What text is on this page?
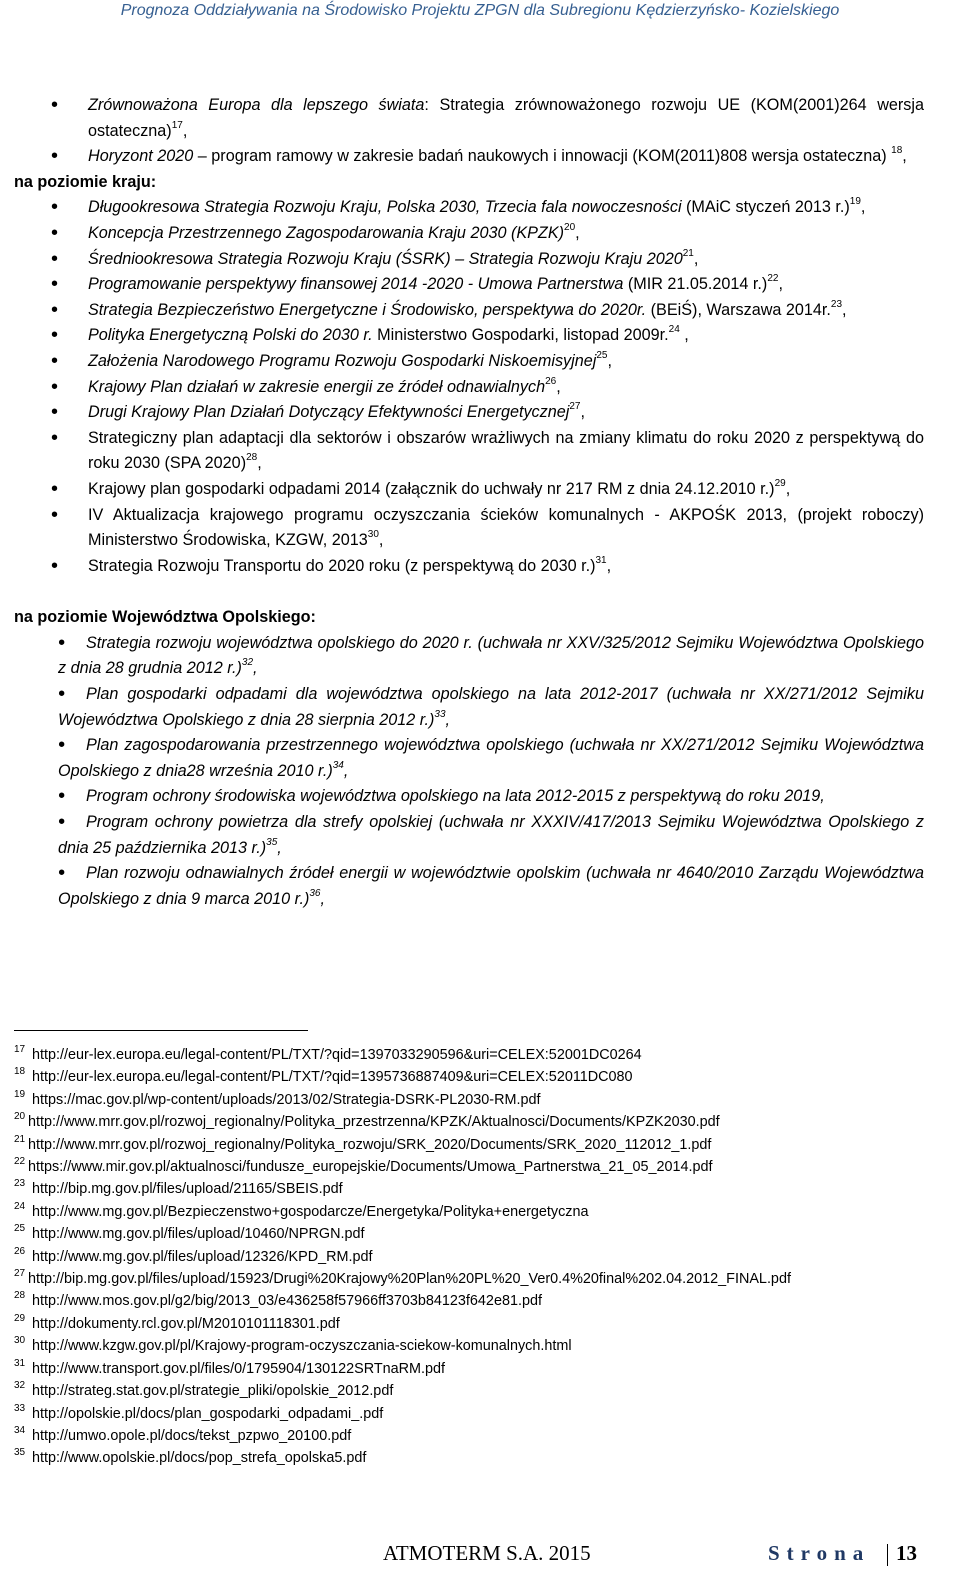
Prognoza Oddziaływania na Środowisko Projektu ZPGN dla Subregionu Kędzierzyńsko- Kozielskiego
• Zrównoważona Europa dla lepszego świata: Strategia zrównoważonego rozwoju UE (KOM(2001)264 wersja ostateczna)$^{17}$,
• Horyzont 2020 – program ramowy w zakresie badań naukowych i innowacji (KOM(2011)808 wersja ostateczna) $^{18}$,
na poziomie kraju:
• Długookresowa Strategia Rozwoju Kraju, Polska 2030, Trzecia fala nowoczesności (MAiC styczeń 2013 r.)$^{19}$,
• Koncepcja Przestrzennego Zagospodarowania Kraju 2030 (KPZK)$^{20}$,
• Średniookresowa Strategia Rozwoju Kraju (ŚSRK) – Strategia Rozwoju Kraju 2020$^{21}$,
• Programowanie perspektywy finansowej 2014 -2020 - Umowa Partnerstwa (MIR 21.05.2014 r.)$^{22}$,
• Strategia Bezpieczeństwo Energetyczne i Środowisko, perspektywa do 2020r. (BEiŚ), Warszawa 2014r.$^{23}$,
• Polityka Energetyczną Polski do 2030 r. Ministerstwo Gospodarki, listopad 2009r.$^{24}$ ,
• Założenia Narodowego Programu Rozwoju Gospodarki Niskoemisyjnej$^{25}$,
• Krajowy Plan działań w zakresie energii ze źródeł odnawialnych$^{26}$,
• Drugi Krajowy Plan Działań Dotyczący Efektywności Energetycznej$^{27}$,
• Strategiczny plan adaptacji dla sektorów i obszarów wrażliwych na zmiany klimatu do roku 2020 z perspektywą do roku 2030 (SPA 2020)$^{28}$,
• Krajowy plan gospodarki odpadami 2014 (załącznik do uchwały nr 217 RM z dnia 24.12.2010 r.)$^{29}$,
• IV Aktualizacja krajowego programu oczyszczania ścieków komunalnych - AKPOŚK 2013, (projekt roboczy) Ministerstwo Środowiska, KZGW, 2013$^{30}$,
• Strategia Rozwoju Transportu do 2020 roku (z perspektywą do 2030 r.)$^{31}$,
na poziomie Województwa Opolskiego:
• Strategia rozwoju województwa opolskiego do 2020 r. (uchwała nr XXV/325/2012 Sejmiku Województwa Opolskiego z dnia 28 grudnia 2012 r.)$^{32}$,
• Plan gospodarki odpadami dla województwa opolskiego na lata 2012-2017 (uchwała nr XX/271/2012 Sejmiku Województwa Opolskiego z dnia 28 sierpnia 2012 r.)$^{33}$,
• Plan zagospodarowania przestrzennego województwa opolskiego (uchwała nr XX/271/2012 Sejmiku Województwa Opolskiego z dnia28 września 2010 r.)$^{34}$,
• Program ochrony środowiska województwa opolskiego na lata 2012-2015 z perspektywą do roku 2019,
• Program ochrony powietrza dla strefy opolskiej (uchwała nr XXXIV/417/2013 Sejmiku Województwa Opolskiego z dnia 25 października 2013 r.)$^{35}$,
• Plan rozwoju odnawialnych źródeł energii w województwie opolskim (uchwała nr 4640/2010 Zarządu Województwa Opolskiego z dnia 9 marca 2010 r.)$^{36}$,
$^{17}$ http://eur-lex.europa.eu/legal-content/PL/TXT/?qid=1397033290596&uri=CELEX:52001DC0264
$^{18}$ http://eur-lex.europa.eu/legal-content/PL/TXT/?qid=1395736887409&uri=CELEX:52011DC080
$^{19}$ https://mac.gov.pl/wp-content/uploads/2013/02/Strategia-DSRK-PL2030-RM.pdf
$^{20}$ http://www.mrr.gov.pl/rozwoj_regionalny/Polityka_przestrzenna/KPZK/Aktualnosci/Documents/KPZK2030.pdf
$^{21}$ http://www.mrr.gov.pl/rozwoj_regionalny/Polityka_rozwoju/SRK_2020/Documents/SRK_2020_112012_1.pdf
$^{22}$ https://www.mir.gov.pl/aktualnosci/fundusze_europejskie/Documents/Umowa_Partnerstwa_21_05_2014.pdf
$^{23}$ http://bip.mg.gov.pl/files/upload/21165/SBEIS.pdf
$^{24}$ http://www.mg.gov.pl/Bezpieczenstwo+gospodarcze/Energetyka/Polityka+energetyczna
$^{25}$ http://www.mg.gov.pl/files/upload/10460/NPRGN.pdf
$^{26}$ http://www.mg.gov.pl/files/upload/12326/KPD_RM.pdf
$^{27}$ http://bip.mg.gov.pl/files/upload/15923/Drugi%20Krajowy%20Plan%20PL%20_Ver0.4%20final%202.04.2012_FINAL.pdf
$^{28}$ http://www.mos.gov.pl/g2/big/2013_03/e436258f57966ff3703b84123f642e81.pdf
$^{29}$ http://dokumenty.rcl.gov.pl/M2010101118301.pdf
$^{30}$ http://www.kzgw.gov.pl/pl/Krajowy-program-oczyszczania-sciekow-komunalnych.html
$^{31}$ http://www.transport.gov.pl/files/0/1795904/130122SRTnaRM.pdf
$^{32}$ http://strateg.stat.gov.pl/strategie_pliki/opolskie_2012.pdf
$^{33}$ http://opolskie.pl/docs/plan_gospodarki_odpadami_.pdf
$^{34}$ http://umwo.opole.pl/docs/tekst_pzpwo_20100.pdf
$^{35}$ http://www.opolskie.pl/docs/pop_strefa_opolska5.pdf
ATMOTERM S.A. 2015	Strona 13
